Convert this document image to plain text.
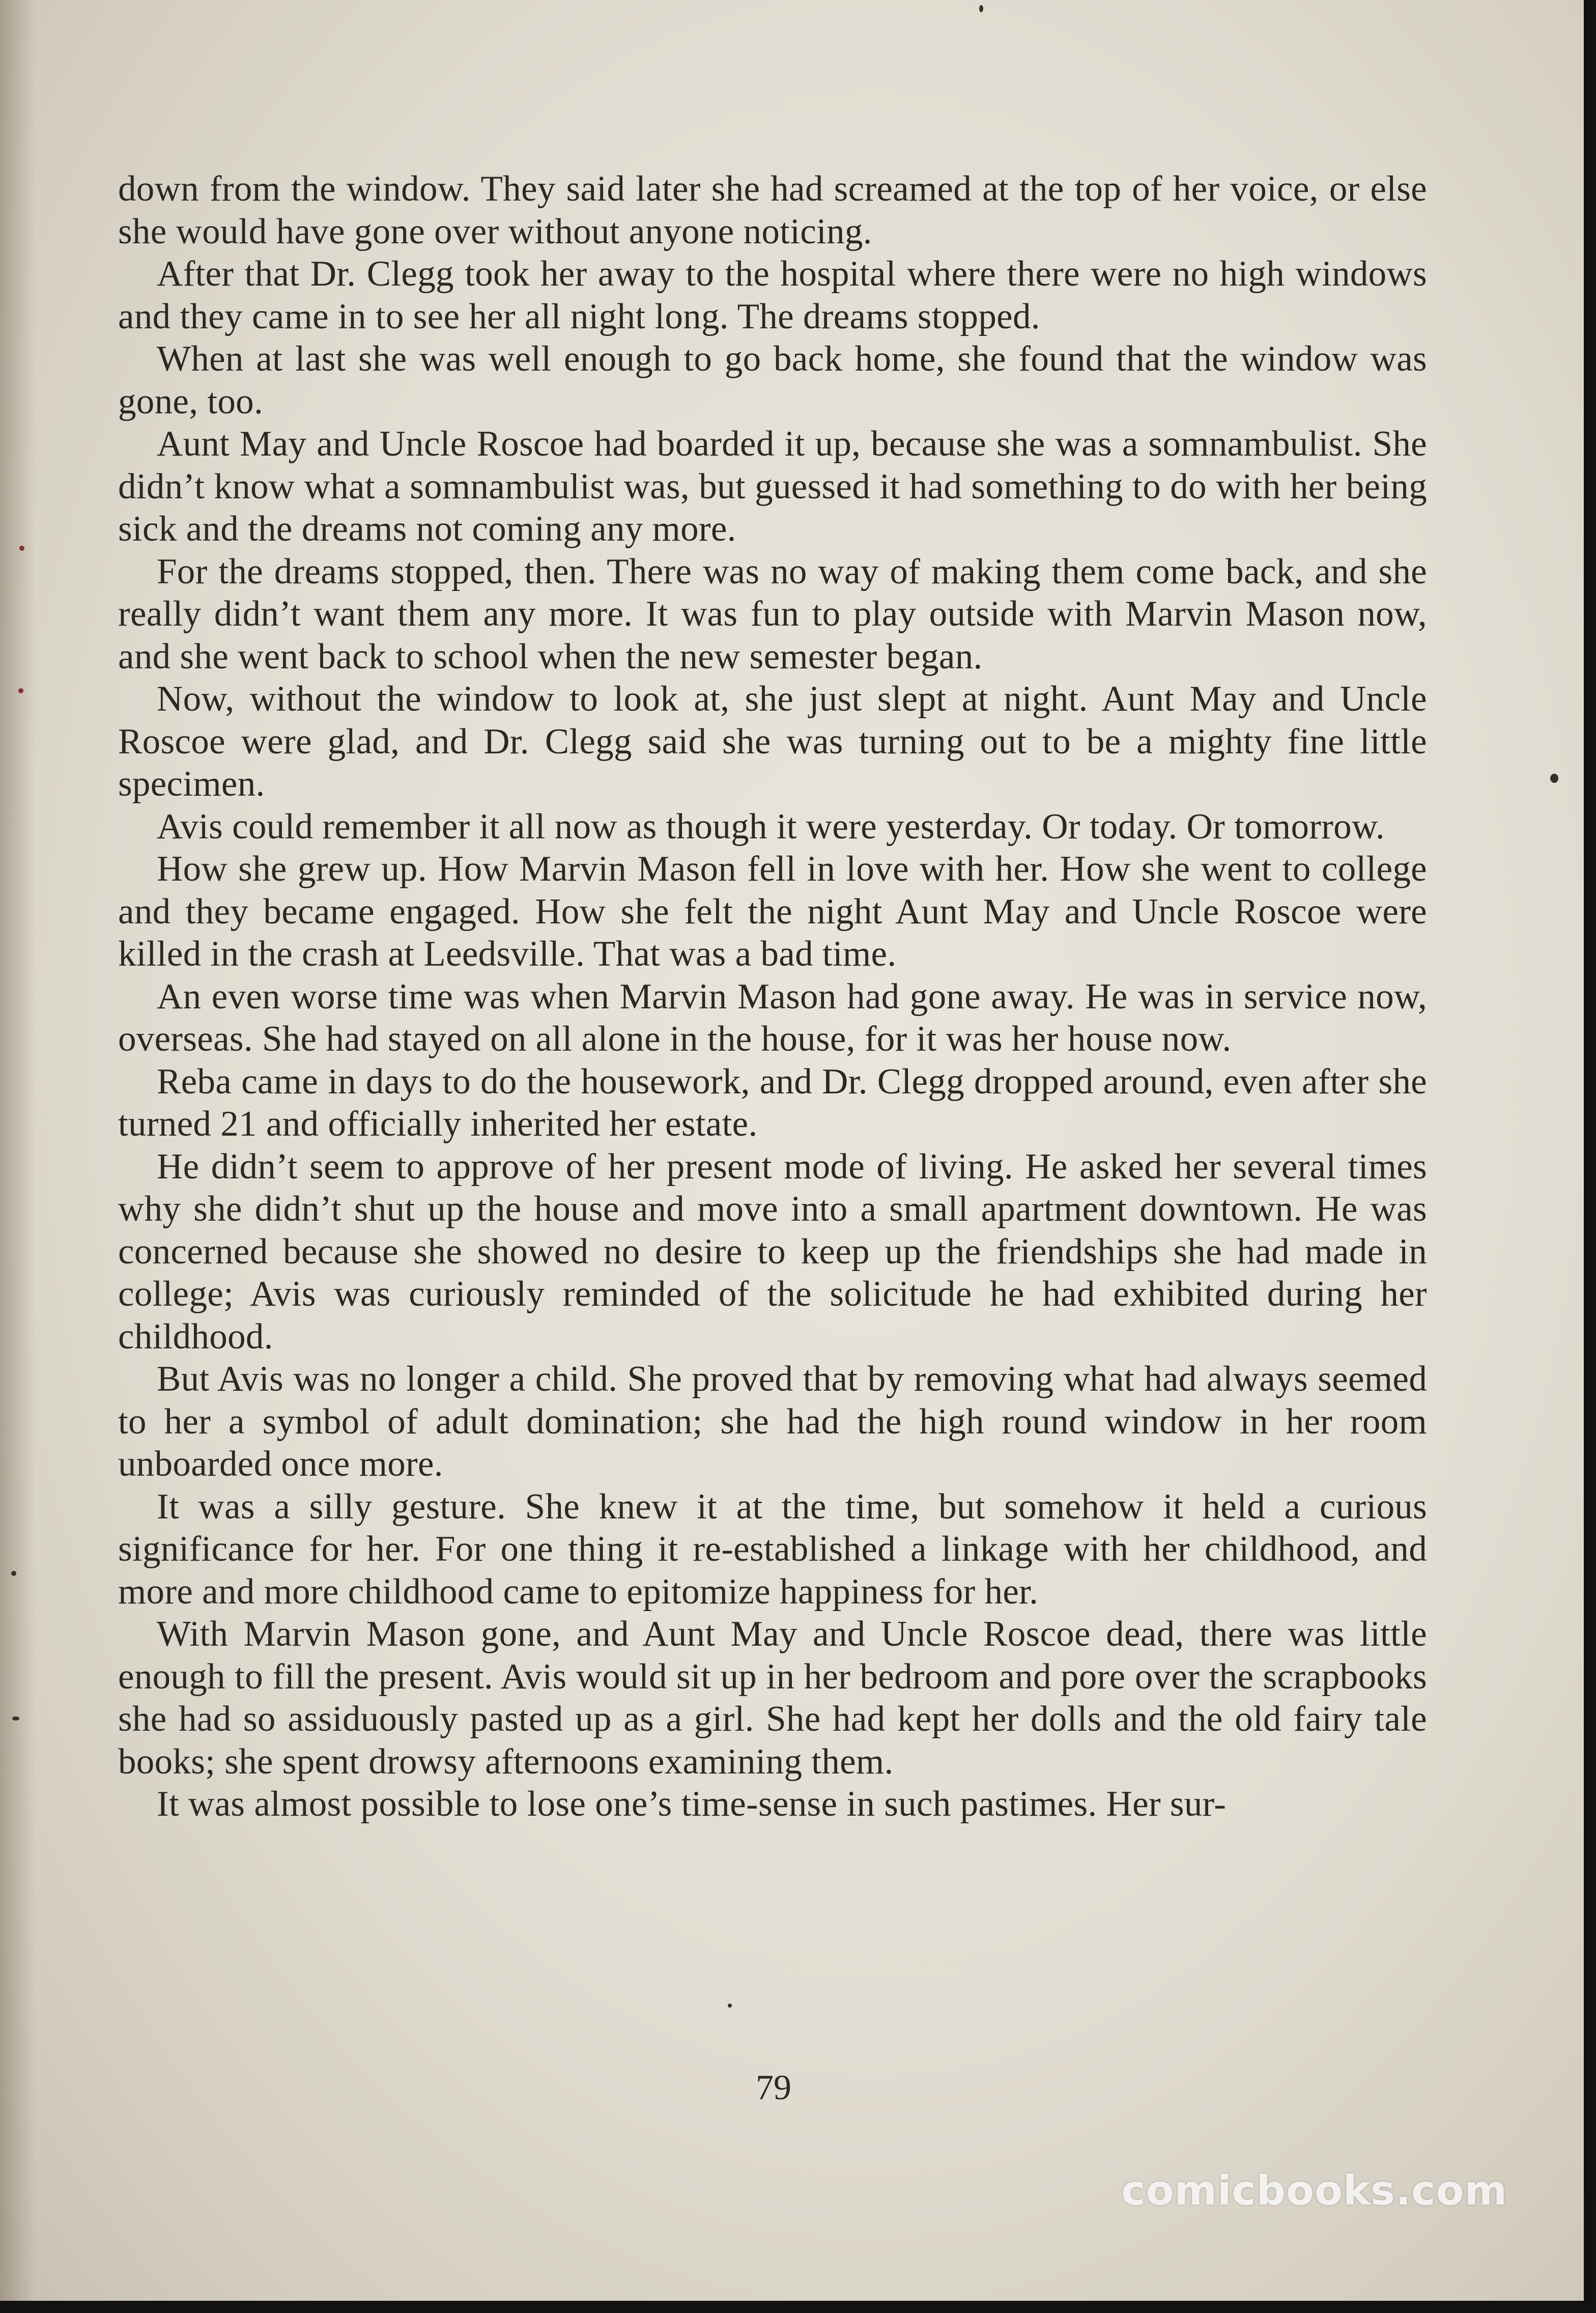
down from the window. They said later she had screamed at the top of her voice, or else she would have gone over without anyone noticing.

After that Dr. Clegg took her away to the hospital where there were no high windows and they came in to see her all night long. The dreams stopped.

When at last she was well enough to go back home, she found that the window was gone, too.

Aunt May and Uncle Roscoe had boarded it up, because she was a somnambulist. She didn’t know what a somnambulist was, but guessed it had something to do with her being sick and the dreams not coming any more.

For the dreams stopped, then. There was no way of making them come back, and she really didn’t want them any more. It was fun to play outside with Marvin Mason now, and she went back to school when the new semester began.

Now, without the window to look at, she just slept at night. Aunt May and Uncle Roscoe were glad, and Dr. Clegg said she was turning out to be a mighty fine little specimen.

Avis could remember it all now as though it were yesterday. Or today. Or tomorrow.

How she grew up. How Marvin Mason fell in love with her. How she went to college and they became engaged. How she felt the night Aunt May and Uncle Roscoe were killed in the crash at Leedsville. That was a bad time.

An even worse time was when Marvin Mason had gone away. He was in service now, overseas. She had stayed on all alone in the house, for it was her house now.

Reba came in days to do the housework, and Dr. Clegg dropped around, even after she turned 21 and officially inherited her estate.

He didn’t seem to approve of her present mode of living. He asked her several times why she didn’t shut up the house and move into a small apartment downtown. He was concerned because she showed no desire to keep up the friendships she had made in college; Avis was curiously reminded of the solicitude he had exhibited during her childhood.

But Avis was no longer a child. She proved that by removing what had always seemed to her a symbol of adult domination; she had the high round window in her room unboarded once more.

It was a silly gesture. She knew it at the time, but somehow it held a curious significance for her. For one thing it re-established a linkage with her childhood, and more and more childhood came to epitomize happiness for her.

With Marvin Mason gone, and Aunt May and Uncle Roscoe dead, there was little enough to fill the present. Avis would sit up in her bedroom and pore over the scrapbooks she had so assiduously pasted up as a girl. She had kept her dolls and the old fairy tale books; she spent drowsy afternoons examining them.

It was almost possible to lose one’s time-sense in such pastimes. Her sur-

79
comicbooks.com
